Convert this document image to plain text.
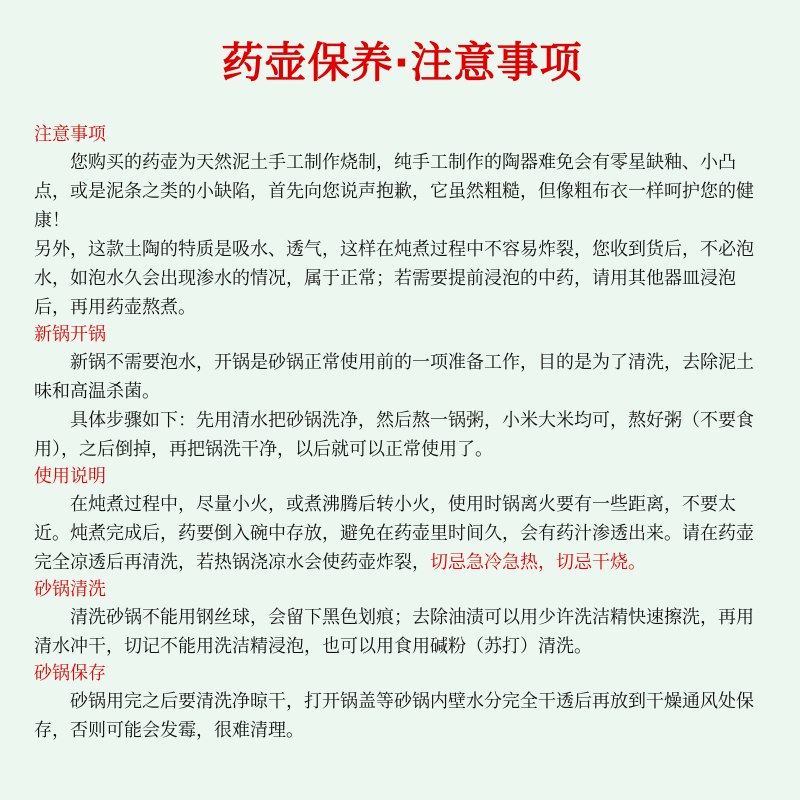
药壶保养·注意事项
注意事项

您购买的药壶为天然泥土手工制作烧制，纯手工制作的陶器难免会有零星缺釉、小凸点，或是泥条之类的小缺陷，首先向您说声抱歉，它虽然粗糙，但像粗布衣一样呵护您的健康！

另外，这款土陶的特质是吸水、透气，这样在炖煮过程中不容易炸裂，您收到货后，不必泡水，如泡水久会出现渗水的情况，属于正常；若需要提前浸泡的中药，请用其他器皿浸泡后，再用药壶熬煮。

新锅开锅

新锅不需要泡水，开锅是砂锅正常使用前的一项准备工作，目的是为了清洗，去除泥土味和高温杀菌。

具体步骤如下：先用清水把砂锅洗净，然后熬一锅粥，小米大米均可，熬好粥（不要食用），之后倒掉，再把锅洗干净，以后就可以正常使用了。

使用说明

在炖煮过程中，尽量小火，或煮沸腾后转小火，使用时锅离火要有一些距离，不要太近。炖煮完成后，药要倒入碗中存放，避免在药壶里时间久，会有药汁渗透出来。请在药壶完全凉透后再清洗，若热锅浇凉水会使药壶炸裂，切忌急冷急热，切忌干烧。

砂锅清洗

清洗砂锅不能用钢丝球，会留下黑色划痕；去除油渍可以用少许洗洁精快速擦洗，再用清水冲干，切记不能用洗洁精浸泡，也可以用食用碱粉（苏打）清洗。

砂锅保存

砂锅用完之后要清洗净晾干，打开锅盖等砂锅内壁水分完全干透后再放到干燥通风处保存，否则可能会发霉，很难清理。
